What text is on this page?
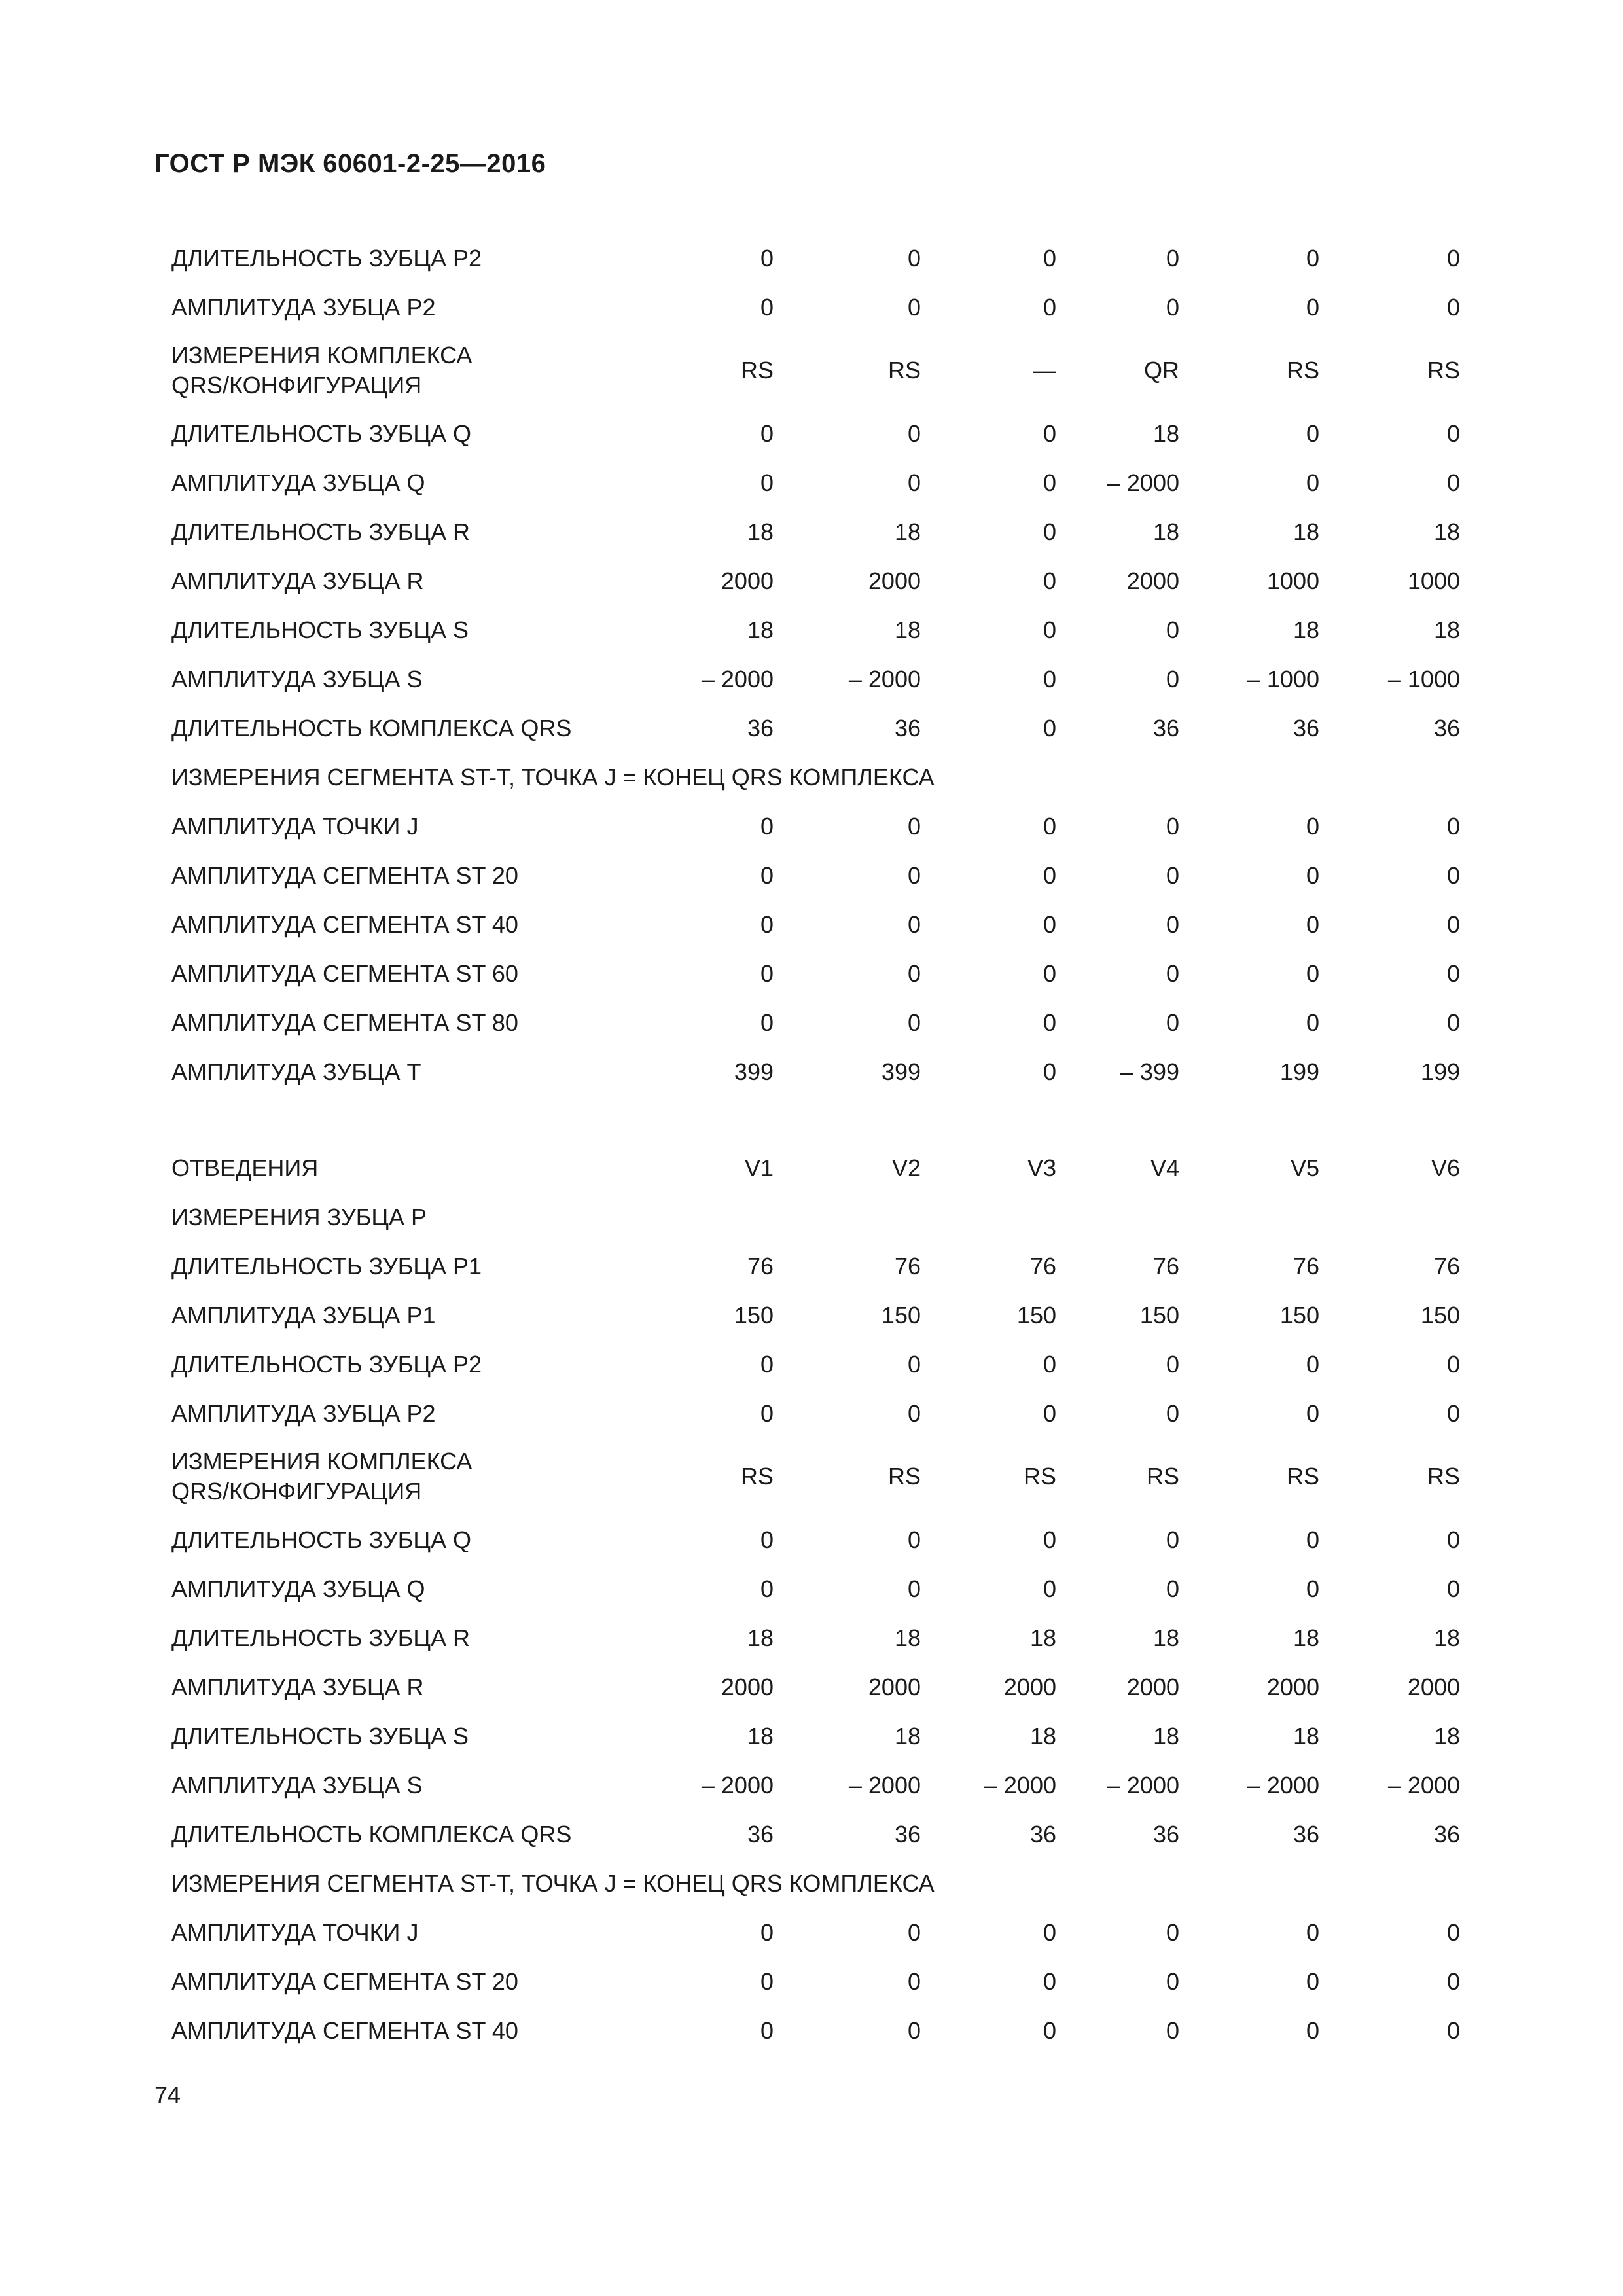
ГОСТ Р МЭК 60601-2-25—2016
ДЛИТЕЛЬНОСТЬ ЗУБЦА P2	0	0	0	0	0	0
АМПЛИТУДА ЗУБЦА P2	0	0	0	0	0	0
ИЗМЕРЕНИЯ КОМПЛЕКСА
QRS/КОНФИГУРАЦИЯ
RS	RS	—	QR	RS	RS
ДЛИТЕЛЬНОСТЬ ЗУБЦА Q	0	0	0	18	0	0
АМПЛИТУДА ЗУБЦА Q	0	0	0	– 2000	0	0
ДЛИТЕЛЬНОСТЬ ЗУБЦА R	18	18	0	18	18	18
АМПЛИТУДА ЗУБЦА R	2000	2000	0	2000	1000	1000
ДЛИТЕЛЬНОСТЬ ЗУБЦА S	18	18	0	0	18	18
АМПЛИТУДА ЗУБЦА S	– 2000	– 2000	0	0	– 1000	– 1000
ДЛИТЕЛЬНОСТЬ КОМПЛЕКСА QRS	36	36	0	36	36	36
ИЗМЕРЕНИЯ СЕГМЕНТА ST-T, ТОЧКА J = КОНЕЦ QRS КОМПЛЕКСА
АМПЛИТУДА ТОЧКИ J	0	0	0	0	0	0
АМПЛИТУДА СЕГМЕНТА ST 20	0	0	0	0	0	0
АМПЛИТУДА СЕГМЕНТА ST 40	0	0	0	0	0	0
АМПЛИТУДА СЕГМЕНТА ST 60	0	0	0	0	0	0
АМПЛИТУДА СЕГМЕНТА ST 80	0	0	0	0	0	0
АМПЛИТУДА ЗУБЦА T	399	399	0	– 399	199	199
ОТВЕДЕНИЯ	V1	V2	V3	V4	V5	V6
ИЗМЕРЕНИЯ ЗУБЦА P
ДЛИТЕЛЬНОСТЬ ЗУБЦА P1	76	76	76	76	76	76
АМПЛИТУДА ЗУБЦА P1	150	150	150	150	150	150
ДЛИТЕЛЬНОСТЬ ЗУБЦА P2	0	0	0	0	0	0
АМПЛИТУДА ЗУБЦА P2	0	0	0	0	0	0
ИЗМЕРЕНИЯ КОМПЛЕКСА
QRS/КОНФИГУРАЦИЯ
RS	RS	RS	RS	RS	RS
ДЛИТЕЛЬНОСТЬ ЗУБЦА Q	0	0	0	0	0	0
АМПЛИТУДА ЗУБЦА Q	0	0	0	0	0	0
ДЛИТЕЛЬНОСТЬ ЗУБЦА R	18	18	18	18	18	18
АМПЛИТУДА ЗУБЦА R	2000	2000	2000	2000	2000	2000
ДЛИТЕЛЬНОСТЬ ЗУБЦА S	18	18	18	18	18	18
АМПЛИТУДА ЗУБЦА S	– 2000	– 2000	– 2000	– 2000	– 2000	– 2000
ДЛИТЕЛЬНОСТЬ КОМПЛЕКСА QRS	36	36	36	36	36	36
ИЗМЕРЕНИЯ СЕГМЕНТА ST-T, ТОЧКА J = КОНЕЦ QRS КОМПЛЕКСА
АМПЛИТУДА ТОЧКИ J	0	0	0	0	0	0
АМПЛИТУДА СЕГМЕНТА ST 20	0	0	0	0	0	0
АМПЛИТУДА СЕГМЕНТА ST 40	0	0	0	0	0	0
74
